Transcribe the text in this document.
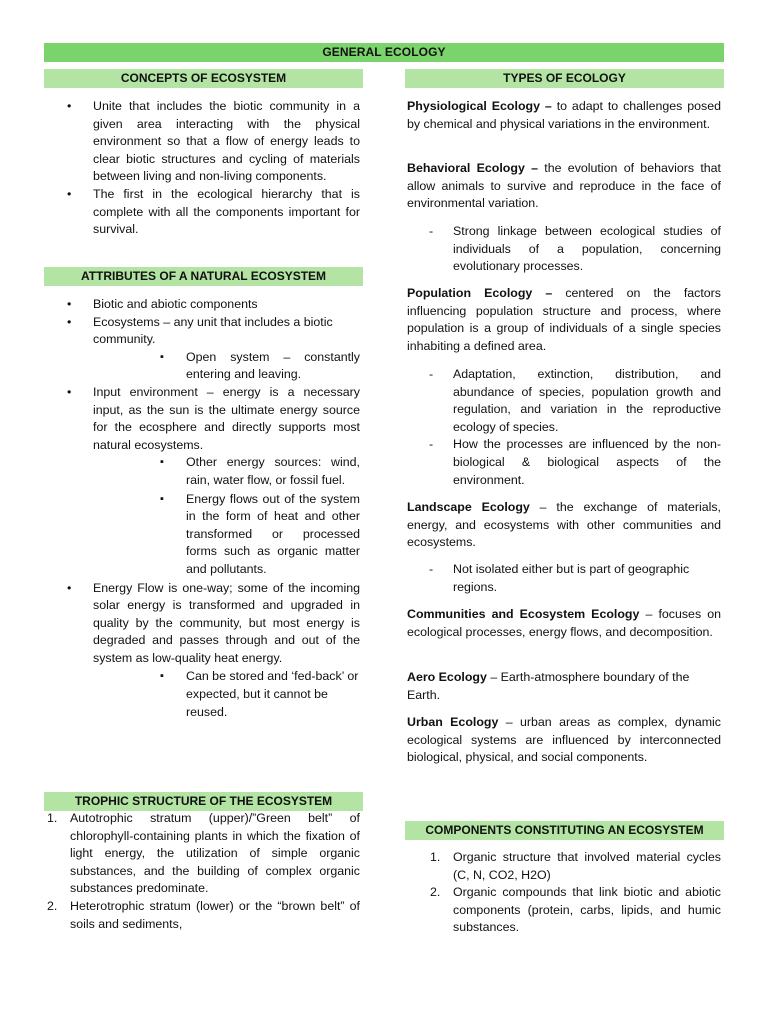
GENERAL ECOLOGY
CONCEPTS OF ECOSYSTEM
• Unite that includes the biotic community in a given area interacting with the physical environment so that a flow of energy leads to clear biotic structures and cycling of materials between living and non-living components.
• The first in the ecological hierarchy that is complete with all the components important for survival.
ATTRIBUTES OF A NATURAL ECOSYSTEM
• Biotic and abiotic components
• Ecosystems – any unit that includes a biotic community.
▪ Open system – constantly entering and leaving.
• Input environment – energy is a necessary input, as the sun is the ultimate energy source for the ecosphere and directly supports most natural ecosystems.
▪ Other energy sources: wind, rain, water flow, or fossil fuel.
▪ Energy flows out of the system in the form of heat and other transformed or processed forms such as organic matter and pollutants.
• Energy Flow is one-way; some of the incoming solar energy is transformed and upgraded in quality by the community, but most energy is degraded and passes through and out of the system as low-quality heat energy.
▪ Can be stored and ‘fed-back’ or expected, but it cannot be reused.
TROPHIC STRUCTURE OF THE ECOSYSTEM
1. Autotrophic stratum (upper)/”Green belt” of chlorophyll-containing plants in which the fixation of light energy, the utilization of simple organic substances, and the building of complex organic substances predominate.
2. Heterotrophic stratum (lower) or the “brown belt” of soils and sediments,
TYPES OF ECOLOGY
Physiological Ecology – to adapt to challenges posed by chemical and physical variations in the environment.
Behavioral Ecology – the evolution of behaviors that allow animals to survive and reproduce in the face of environmental variation.
- Strong linkage between ecological studies of individuals of a population, concerning evolutionary processes.
Population Ecology – centered on the factors influencing population structure and process, where population is a group of individuals of a single species inhabiting a defined area.
- Adaptation, extinction, distribution, and abundance of species, population growth and regulation, and variation in the reproductive ecology of species.
- How the processes are influenced by the non-biological & biological aspects of the environment.
Landscape Ecology – the exchange of materials, energy, and ecosystems with other communities and ecosystems.
- Not isolated either but is part of geographic regions.
Communities and Ecosystem Ecology – focuses on ecological processes, energy flows, and decomposition.
Aero Ecology – Earth-atmosphere boundary of the Earth.
Urban Ecology – urban areas as complex, dynamic ecological systems are influenced by interconnected biological, physical, and social components.
COMPONENTS CONSTITUTING AN ECOSYSTEM
1. Organic structure that involved material cycles (C, N, CO2, H2O)
2. Organic compounds that link biotic and abiotic components (protein, carbs, lipids, and humic substances.
